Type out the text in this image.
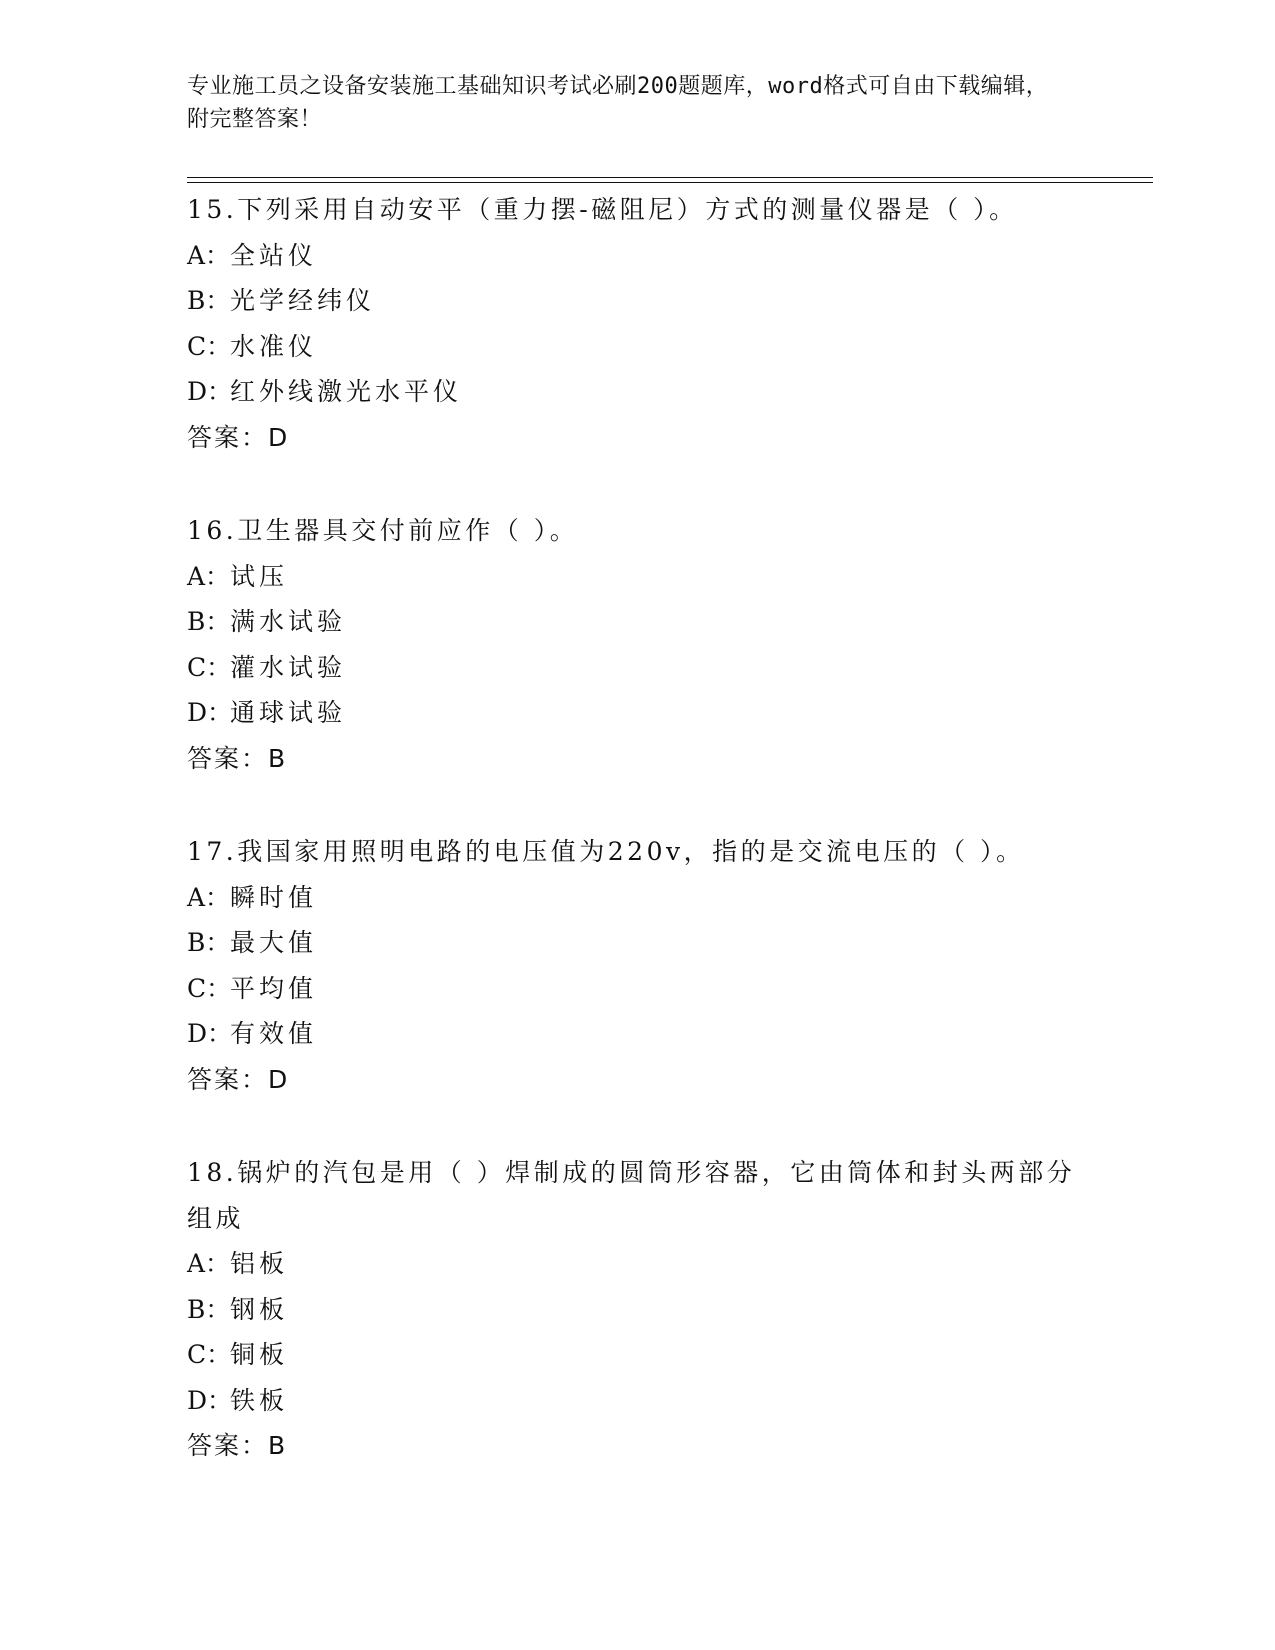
专业施工员之设备安装施工基础知识考试必刷200题题库，word格式可自由下载编辑，附完整答案！
15.下列采用自动安平（重力摆-磁阻尼）方式的测量仪器是（ ）。
A：全站仪
B：光学经纬仪
C：水准仪
D：红外线激光水平仪
答案：D
16.卫生器具交付前应作（ ）。
A：试压
B：满水试验
C：灌水试验
D：通球试验
答案：B
17.我国家用照明电路的电压值为220v，指的是交流电压的（ ）。
A：瞬时值
B：最大值
C：平均值
D：有效值
答案：D
18.锅炉的汽包是用（ ）焊制成的圆筒形容器，它由筒体和封头两部分组成
A：铝板
B：钢板
C：铜板
D：铁板
答案：B
